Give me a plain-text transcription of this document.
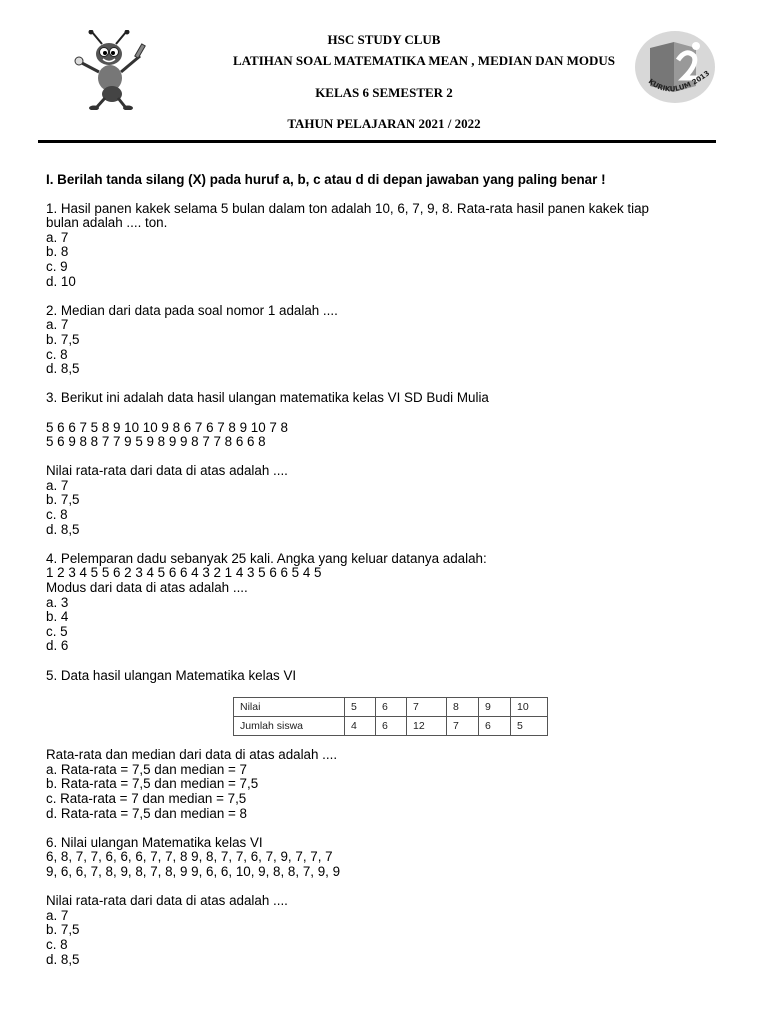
KURIKULUM 2013
HSC STUDY CLUB
LATIHAN SOAL MATEMATIKA MEAN , MEDIAN DAN MODUS
KELAS 6 SEMESTER 2
TAHUN PELAJARAN 2021 / 2022
I. Berilah tanda silang (X) pada huruf a, b, c atau d di depan jawaban yang paling benar !
1. Hasil panen kakek selama 5 bulan dalam ton adalah 10, 6, 7, 9, 8. Rata-rata hasil panen kakek tiap
bulan adalah .... ton.
a. 7
b. 8
c. 9
d. 10
2. Median dari data pada soal nomor 1 adalah ....
a. 7
b. 7,5
c. 8
d. 8,5
3. Berikut ini adalah data hasil ulangan matematika kelas VI SD Budi Mulia
5 6 6 7 5 8 9 10 10 9 8 6 7 6 7 8 9 10 7 8
5 6 9 8 8 7 7 9 5 9 8 9 9 8 7 7 8 6 6 8
Nilai rata-rata dari data di atas adalah ....
a. 7
b. 7,5
c. 8
d. 8,5
4. Pelemparan dadu sebanyak 25 kali. Angka yang keluar datanya adalah:
1 2 3 4 5 5 6 2 3 4 5 6 6 4 3 2 1 4 3 5 6 6 5 4 5
Modus dari data di atas adalah ....
a. 3
b. 4
c. 5
d. 6
5. Data hasil ulangan Matematika kelas VI
Nilai	5	6	7	8	9	10
Jumlah siswa	4	6	12	7	6	5
Rata-rata dan median dari data di atas adalah ....
a. Rata-rata = 7,5 dan median = 7
b. Rata-rata = 7,5 dan median = 7,5
c. Rata-rata = 7 dan median = 7,5
d. Rata-rata = 7,5 dan median = 8
6. Nilai ulangan Matematika kelas VI
6, 8, 7, 7, 6, 6, 6, 7, 7, 8 9, 8, 7, 7, 6, 7, 9, 7, 7, 7
9, 6, 6, 7, 8, 9, 8, 7, 8, 9 9, 6, 6, 10, 9, 8, 8, 7, 9, 9
Nilai rata-rata dari data di atas adalah ....
a. 7
b. 7,5
c. 8
d. 8,5
